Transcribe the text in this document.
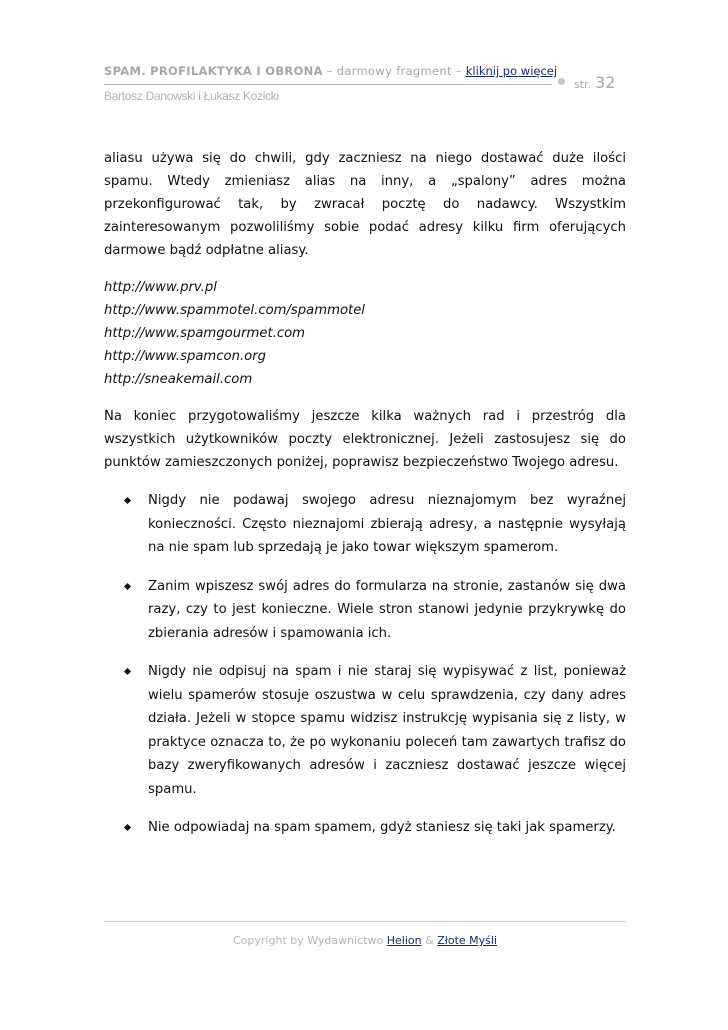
SPAM. PROFILAKTYKA I OBRONA – darmowy fragment – kliknij po więcej
str. 32
Bartosz Danowski i Łukasz Kozicki

aliasu używa się do chwili, gdy zaczniesz na niego dostawać duże ilości spamu. Wtedy zmieniasz alias na inny, a „spalony” adres można przekonfigurować tak, by zwracał pocztę do nadawcy. Wszystkim zainteresowanym pozwoliliśmy sobie podać adresy kilku firm oferujących darmowe bądź odpłatne aliasy.

http://www.prv.pl
http://www.spammotel.com/spammotel
http://www.spamgourmet.com
http://www.spamcon.org
http://sneakemail.com

Na koniec przygotowaliśmy jeszcze kilka ważnych rad i przestróg dla wszystkich użytkowników poczty elektronicznej. Jeżeli zastosujesz się do punktów zamieszczonych poniżej, poprawisz bezpieczeństwo Twojego adresu.

Nigdy nie podawaj swojego adresu nieznajomym bez wyraźnej konieczności. Często nieznajomi zbierają adresy, a następnie wysyłają na nie spam lub sprzedają je jako towar większym spamerom.
Zanim wpiszesz swój adres do formularza na stronie, zastanów się dwa razy, czy to jest konieczne. Wiele stron stanowi jedynie przykrywkę do zbierania adresów i spamowania ich.
Nigdy nie odpisuj na spam i nie staraj się wypisywać z list, ponieważ wielu spamerów stosuje oszustwa w celu sprawdzenia, czy dany adres działa. Jeżeli w stopce spamu widzisz instrukcję wypisania się z listy, w praktyce oznacza to, że po wykonaniu poleceń tam zawartych trafisz do bazy zweryfikowanych adresów i zaczniesz dostawać jeszcze więcej spamu.
Nie odpowiadaj na spam spamem, gdyż staniesz się taki jak spamerzy.
Copyright by Wydawnictwo Helion & Złote Myśli
